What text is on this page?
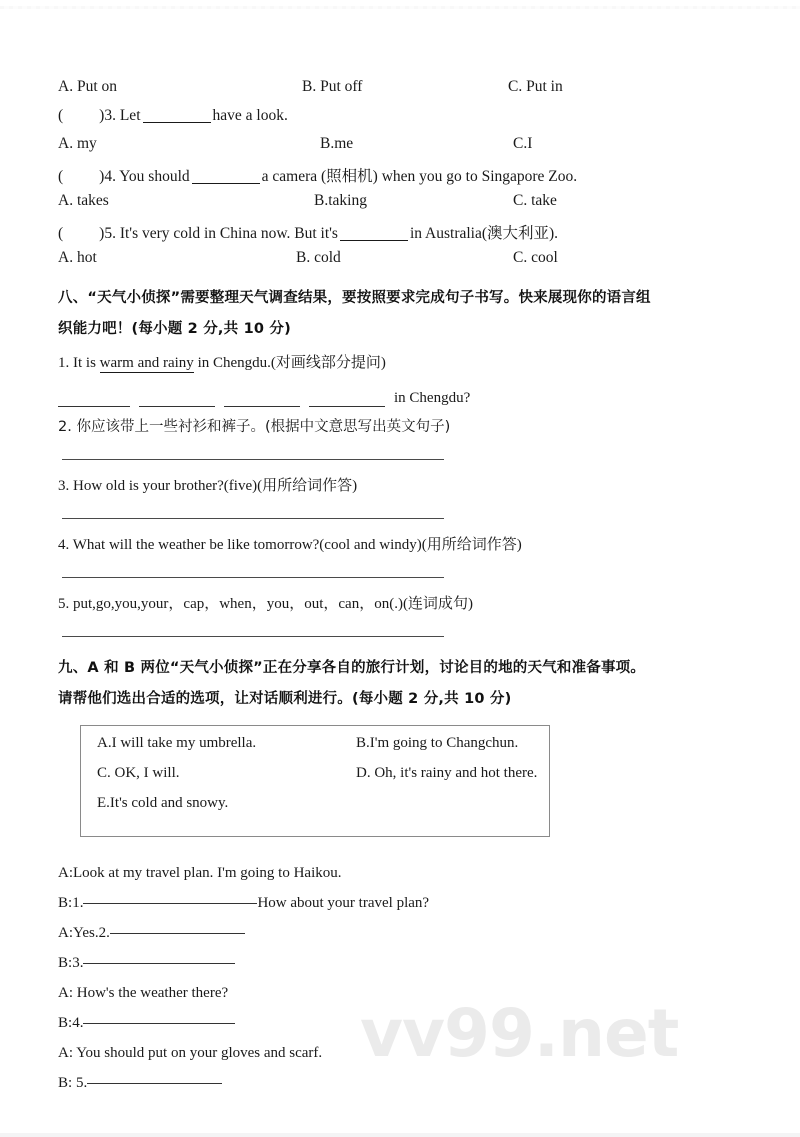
vv99.net
A. Put on	B. Put off	C. Put in
( )3. Let	have a look.
A. my	B.me	C.I
( )4. You should	a camera (照相机) when you go to Singapore Zoo.
A. takes	B.taking	C. take
( )5. It's very cold in China now. But it's	in Australia(澳大利亚).
A. hot	B. cold	C. cool
八、“天气小侦探”需要整理天气调查结果，要按照要求完成句子书写。快来展现你的语言组
织能力吧！(每小题 2 分,共 10 分)
1. It is warm and rainy in Chengdu.(对画线部分提问)
in Chengdu?
2. 你应该带上一些衬衫和裤子。(根据中文意思写出英文句子)
3. How old is your brother?(five)(用所给词作答)
4. What will the weather be like tomorrow?(cool and windy)(用所给词作答)
5. put,go,you,your，cap，when，you，out，can，on(.)(连词成句)
九、A 和 B 两位“天气小侦探”正在分享各自的旅行计划，讨论目的地的天气和准备事项。
请帮他们选出合适的选项，让对话顺利进行。(每小题 2 分,共 10 分)
A.I will take my umbrella.	B.I'm going to Changchun.
C. OK, I will.	D. Oh, it's rainy and hot there.
E.It's cold and snowy.
A:Look at my travel plan. I'm going to Haikou.
B:1.	How about your travel plan?
A:Yes.2.
B:3.
A: How's the weather there?
B:4.
A: You should put on your gloves and scarf.
B: 5.
